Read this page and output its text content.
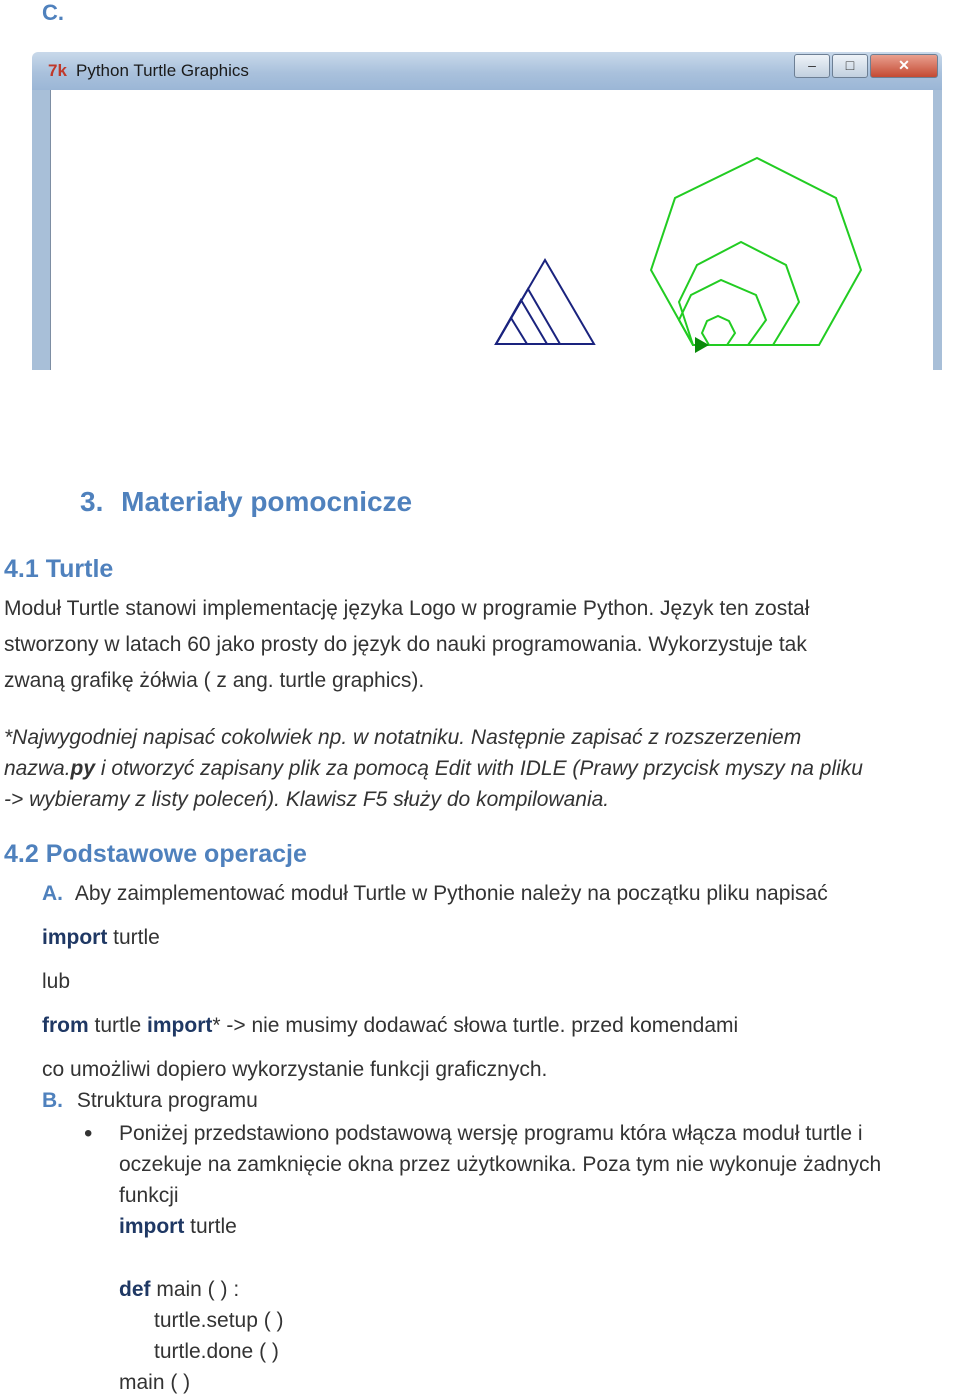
C.
7k Python Turtle Graphics	–	□	✕
3. Materiały pomocnicze
4.1 Turtle
Moduł Turtle stanowi implementację języka Logo w programie Python. Język ten został
stworzony w latach 60 jako prosty do język do nauki programowania. Wykorzystuje tak
zwaną grafikę żółwia ( z ang. turtle graphics).
*Najwygodniej napisać cokolwiek np. w notatniku. Następnie zapisać z rozszerzeniem
nazwa.py i otworzyć zapisany plik za pomocą Edit with IDLE (Prawy przycisk myszy na pliku
-> wybieramy z listy poleceń). Klawisz F5 służy do kompilowania.
4.2 Podstawowe operacje
A. Aby zaimplementować moduł Turtle w Pythonie należy na początku pliku napisać
import turtle
lub
from turtle import* -> nie musimy dodawać słowa turtle. przed komendami
co umożliwi dopiero wykorzystanie funkcji graficznych.
B. Struktura programu
• Poniżej przedstawiono podstawową wersję programu która włącza moduł turtle i
oczekuje na zamknięcie okna przez użytkownika. Poza tym nie wykonuje żadnych
funkcji
import turtle
def main ( ) :
turtle.setup ( )
turtle.done ( )
main ( )
